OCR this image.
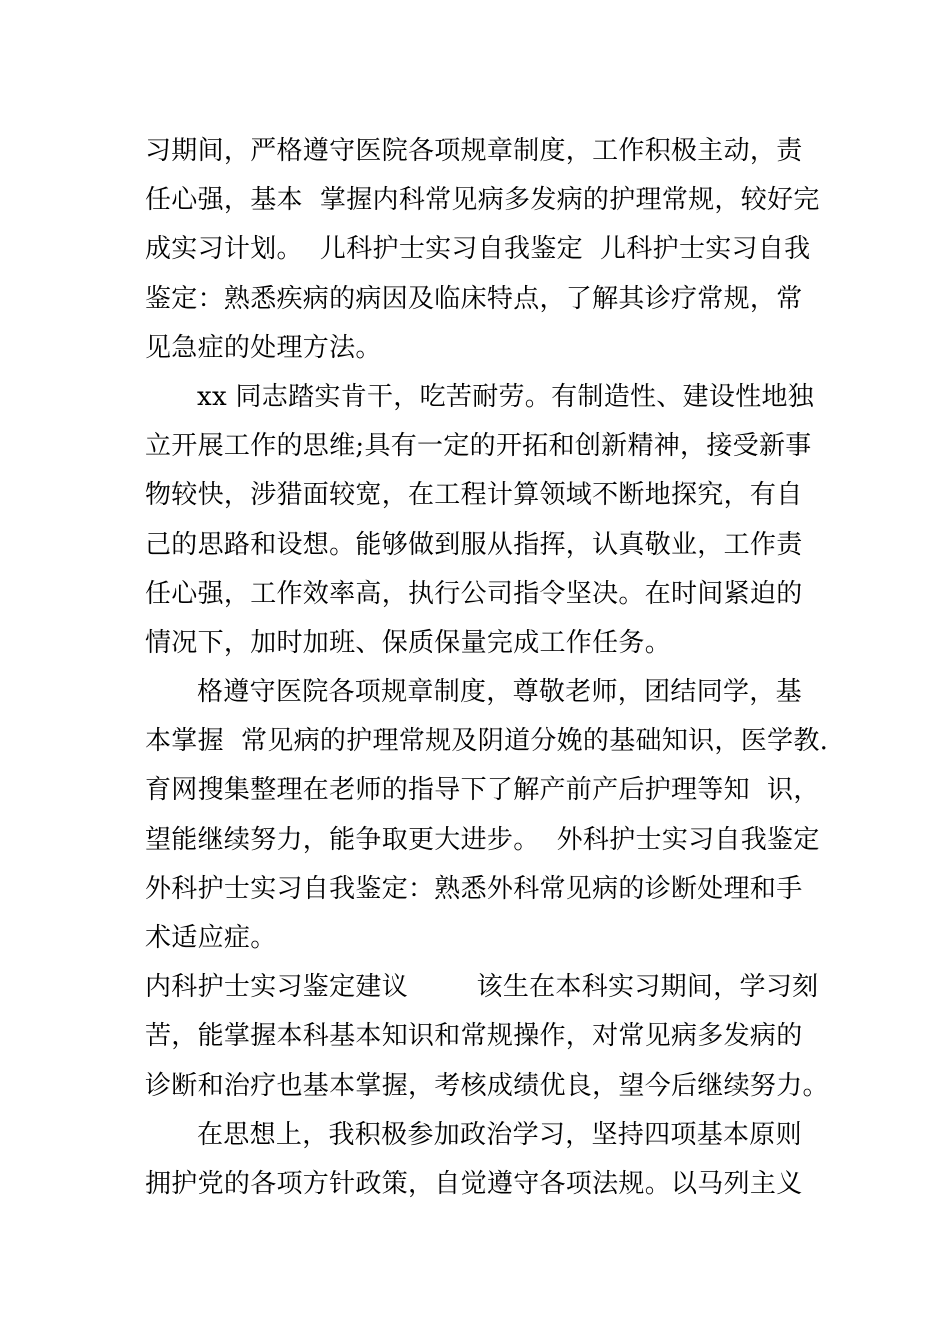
习期间，严格遵守医院各项规章制度，工作积极主动，责
任心强，基本  掌握内科常见病多发病的护理常规，较好完
成实习计划。  儿科护士实习自我鉴定  儿科护士实习自我
鉴定：熟悉疾病的病因及临床特点，了解其诊疗常规，常
见急症的处理方法。
xx 同志踏实肯干，吃苦耐劳。有制造性、建设性地独
立开展工作的思维;具有一定的开拓和创新精神，接受新事
物较快，涉猎面较宽，在工程计算领域不断地探究，有自
己的思路和设想。能够做到服从指挥，认真敬业，工作责
任心强，工作效率高，执行公司指令坚决。在时间紧迫的
情况下，加时加班、保质保量完成工作任务。
格遵守医院各项规章制度，尊敬老师，团结同学，基
本掌握  常见病的护理常规及阴道分娩的基础知识，医学教.
育网搜集整理在老师的指导下了解产前产后护理等知  识，
望能继续努力，能争取更大进步。  外科护士实习自我鉴定
外科护士实习自我鉴定：熟悉外科常见病的诊断处理和手
术适应症。
内科护士实习鉴定建议        该生在本科实习期间，学习刻
苦，能掌握本科基本知识和常规操作，对常见病多发病的
诊断和治疗也基本掌握，考核成绩优良，望今后继续努力。
在思想上，我积极参加政治学习，坚持四项基本原则
拥护党的各项方针政策，自觉遵守各项法规。以马列主义
